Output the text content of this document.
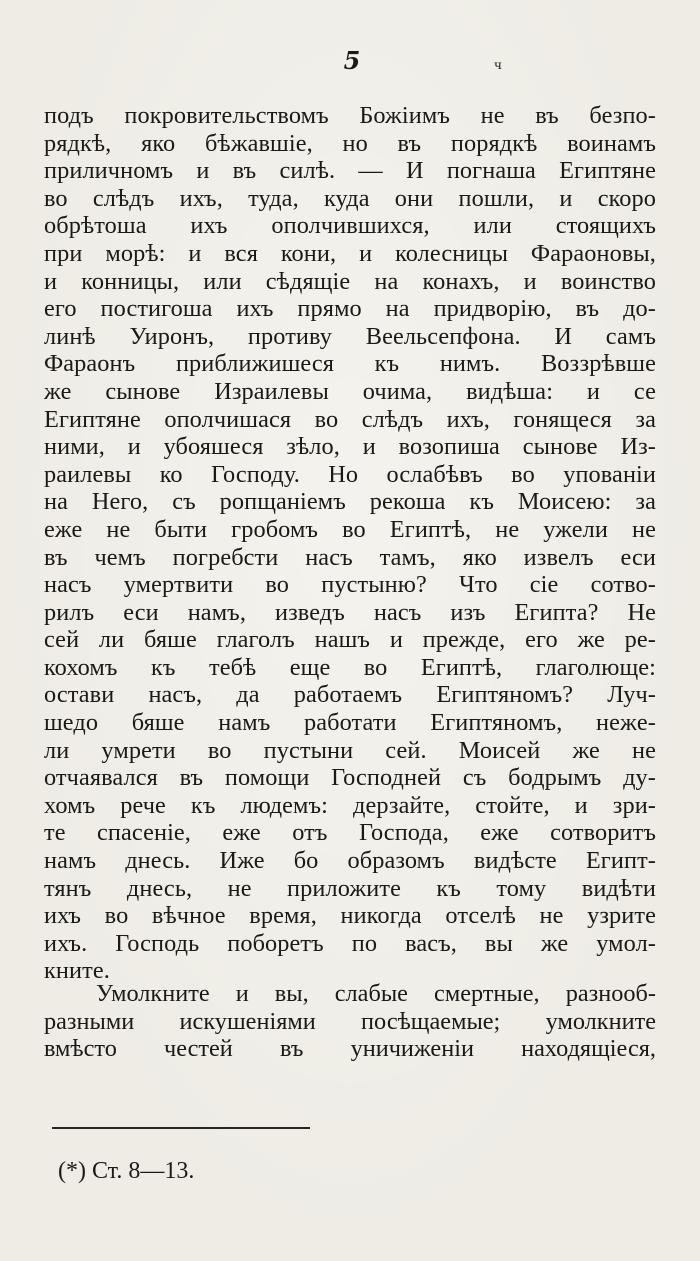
5	ч
подъ покровительствомъ Божіимъ не въ безпо-
рядкѣ, яко бѣжавшіе, но въ порядкѣ воинамъ
приличномъ и въ силѣ. — И погнаша Египтяне
во слѣдъ ихъ, туда, куда они пошли, и скоро
обрѣтоша ихъ ополчившихся, или стоящихъ
при морѣ: и вся кони, и колесницы Фараоновы,
и конницы, или сѣдящіе на конахъ, и воинство
его постигоша ихъ прямо на придворію, въ до-
линѣ Уиронъ, противу Веельсепфона. И самъ
Фараонъ приближишеся къ нимъ. Воззрѣвше
же сынове Израилевы очима, видѣша: и се
Египтяне ополчишася во слѣдъ ихъ, гонящеся за
ними, и убояшеся зѣло, и возопиша сынове Из-
раилевы ко Господу. Но ослабѣвъ во упованіи
на Него, съ ропщаніемъ рекоша къ Моисею: за
еже не быти гробомъ во Египтѣ, не ужели не
въ чемъ погребсти насъ тамъ, яко извелъ еси
насъ умертвити во пустыню? Что сіе сотво-
рилъ еси намъ, изведъ насъ изъ Египта? Не
сей ли бяше глаголъ нашъ и прежде, его же ре-
кохомъ къ тебѣ еще во Египтѣ, глаголюще:
остави насъ, да работаемъ Египтяномъ? Луч-
шедо бяше намъ работати Египтяномъ, нежe-
ли умрети во пустыни сей. Моисей же не
отчаявался въ помощи Господней съ бодрымъ ду-
хомъ рече къ людемъ: дерзайте, стойте, и зри-
те спасеніе, еже отъ Господа, еже сотворитъ
намъ днесь. Иже бо образомъ видѣсте Египт-
тянъ днесь, не приложите къ тому видѣти
ихъ во вѣчное время, никогда отселѣ не узрите
ихъ. Господь поборетъ по васъ, вы же умол-
кните.
Умолкните и вы, слабые смертные, разнооб-
разными искушеніями посѣщаемые; умолкните
вмѣсто честей въ уничиженіи находящіеся,
(*) Ст. 8—13.
